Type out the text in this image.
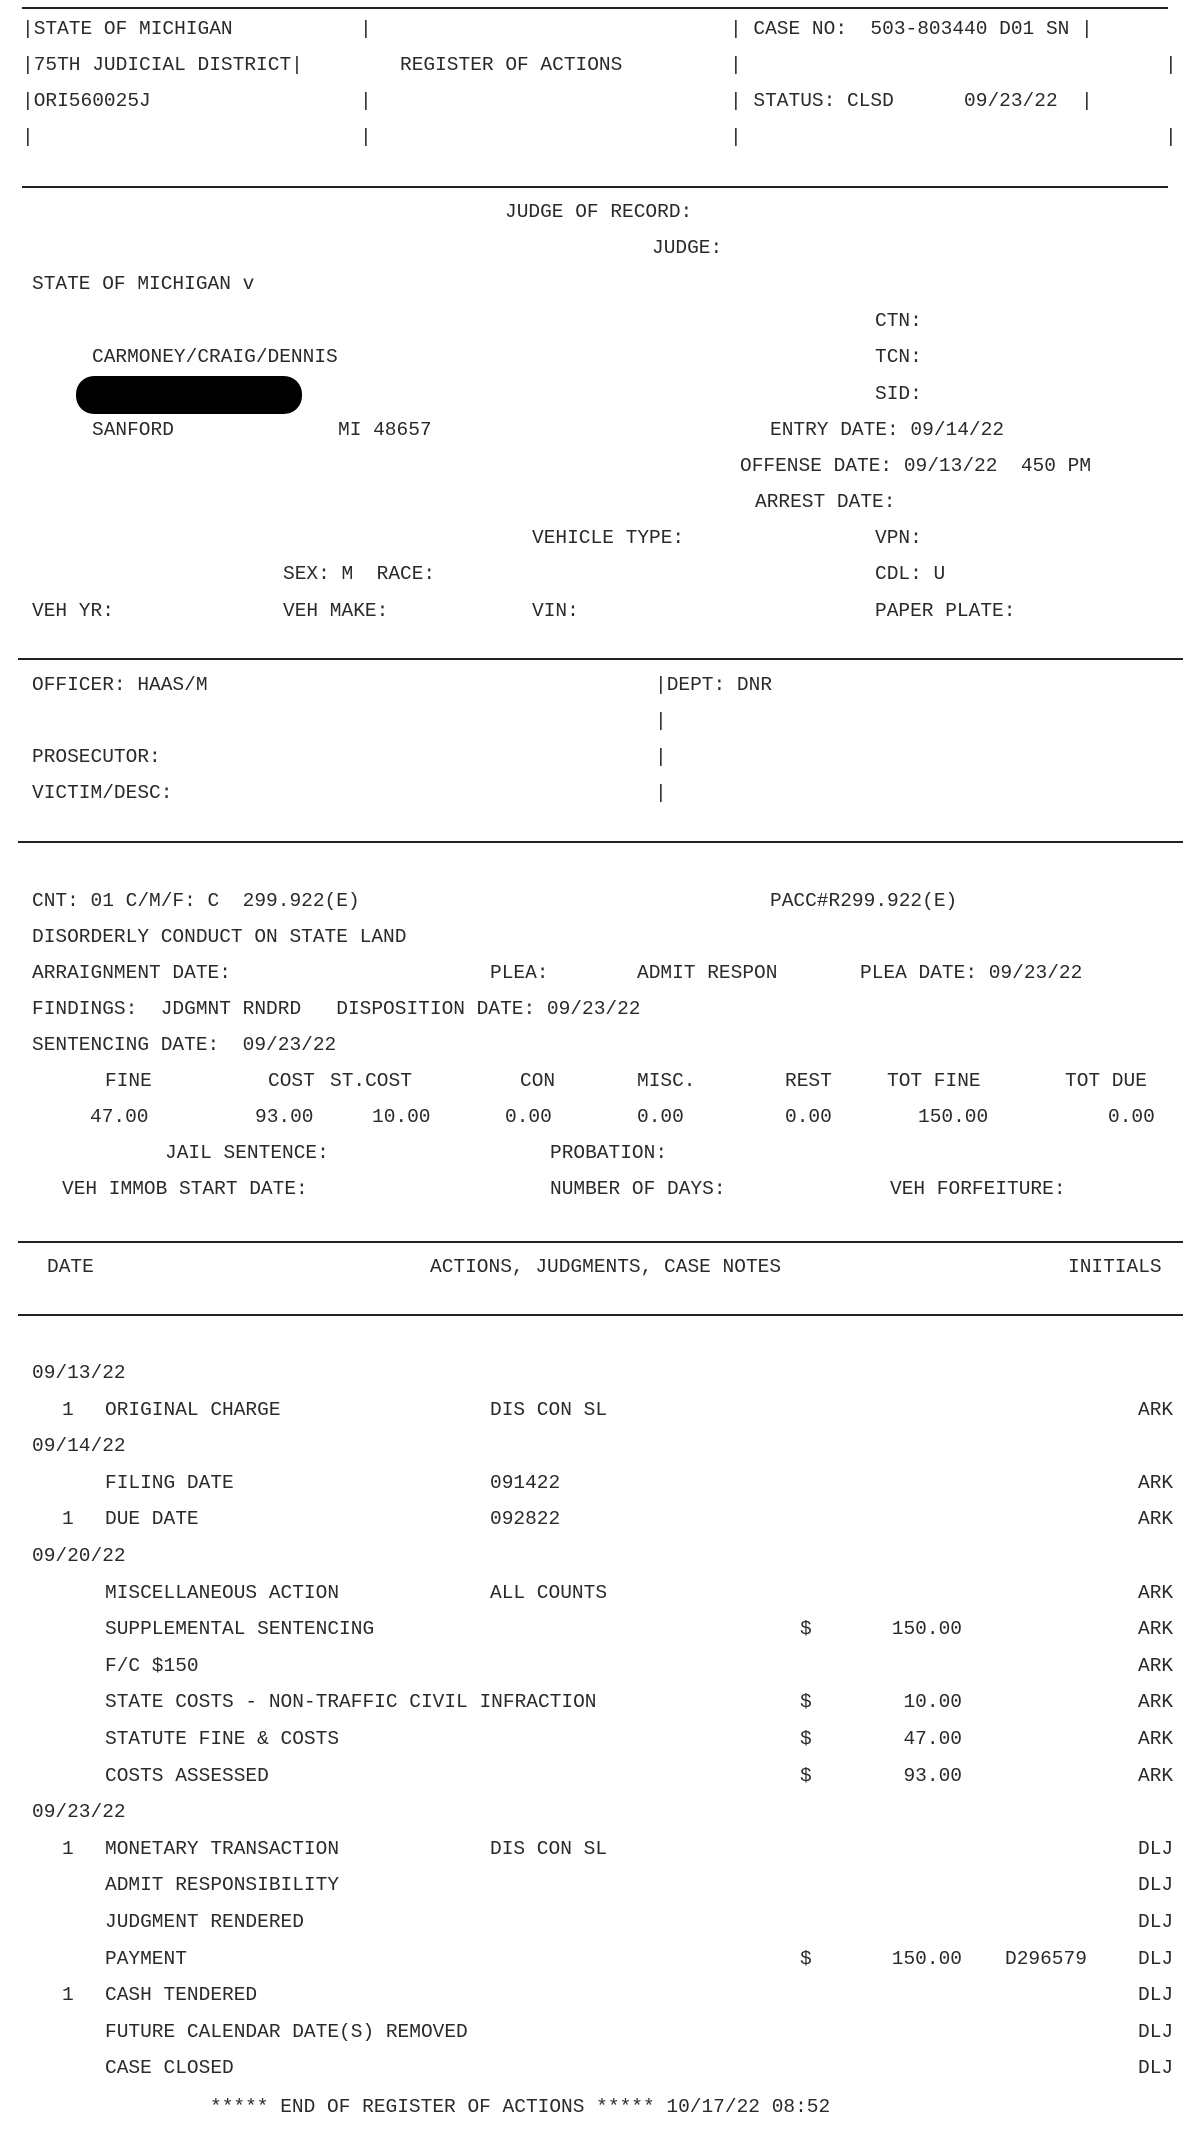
|STATE OF MICHIGAN
|75TH JUDICIAL DISTRICT|
|ORI560025J
|
|
|
|
REGISTER OF ACTIONS
| CASE NO:  503-803440 D01 SN |
|
| STATUS: CLSD      09/23/22  |
|
|
|
JUDGE OF RECORD:
JUDGE:
STATE OF MICHIGAN v
CTN:
CARMONEY/CRAIG/DENNIS	TCN:
SID:
SANFORD	MI 48657	ENTRY DATE: 09/14/22
OFFENSE DATE: 09/13/22  450 PM
ARREST DATE:
VEHICLE TYPE:	VPN:
SEX: M  RACE:	CDL: U
VEH YR:	VEH MAKE:	VIN:	PAPER PLATE:
OFFICER: HAAS/M	|DEPT: DNR
|
PROSECUTOR:	|
VICTIM/DESC:	|
CNT: 01 C/M/F: C  299.922(E)	PACC#R299.922(E)
DISORDERLY CONDUCT ON STATE LAND
ARRAIGNMENT DATE:	PLEA:	ADMIT RESPON	PLEA DATE: 09/23/22
FINDINGS:  JDGMNT RNDRD   DISPOSITION DATE: 09/23/22
SENTENCING DATE:  09/23/22
FINE	COST ST.COST	CON	MISC.	REST	TOT FINE	TOT DUE
47.00	93.00	10.00	0.00	0.00	0.00	150.00	0.00
JAIL SENTENCE:	PROBATION:
VEH IMMOB START DATE:	NUMBER OF DAYS:	VEH FORFEITURE:
DATE	ACTIONS, JUDGMENTS, CASE NOTES	INITIALS
09/13/22
1 ORIGINAL CHARGE	DIS CON SL	ARK
09/14/22
FILING DATE	091422	ARK
1 DUE DATE	092822	ARK
09/20/22
MISCELLANEOUS ACTION	ALL COUNTS	ARK
SUPPLEMENTAL SENTENCING	$	150.00	ARK
F/C $150	ARK
STATE COSTS - NON-TRAFFIC CIVIL INFRACTION	$	10.00	ARK
STATUTE FINE & COSTS	$	47.00	ARK
COSTS ASSESSED	$	93.00	ARK
09/23/22
1 MONETARY TRANSACTION	DIS CON SL	DLJ
ADMIT RESPONSIBILITY	DLJ
JUDGMENT RENDERED	DLJ
PAYMENT	$	150.00 D296579	DLJ
1 CASH TENDERED	DLJ
FUTURE CALENDAR DATE(S) REMOVED	DLJ
CASE CLOSED	DLJ
***** END OF REGISTER OF ACTIONS ***** 10/17/22 08:52
